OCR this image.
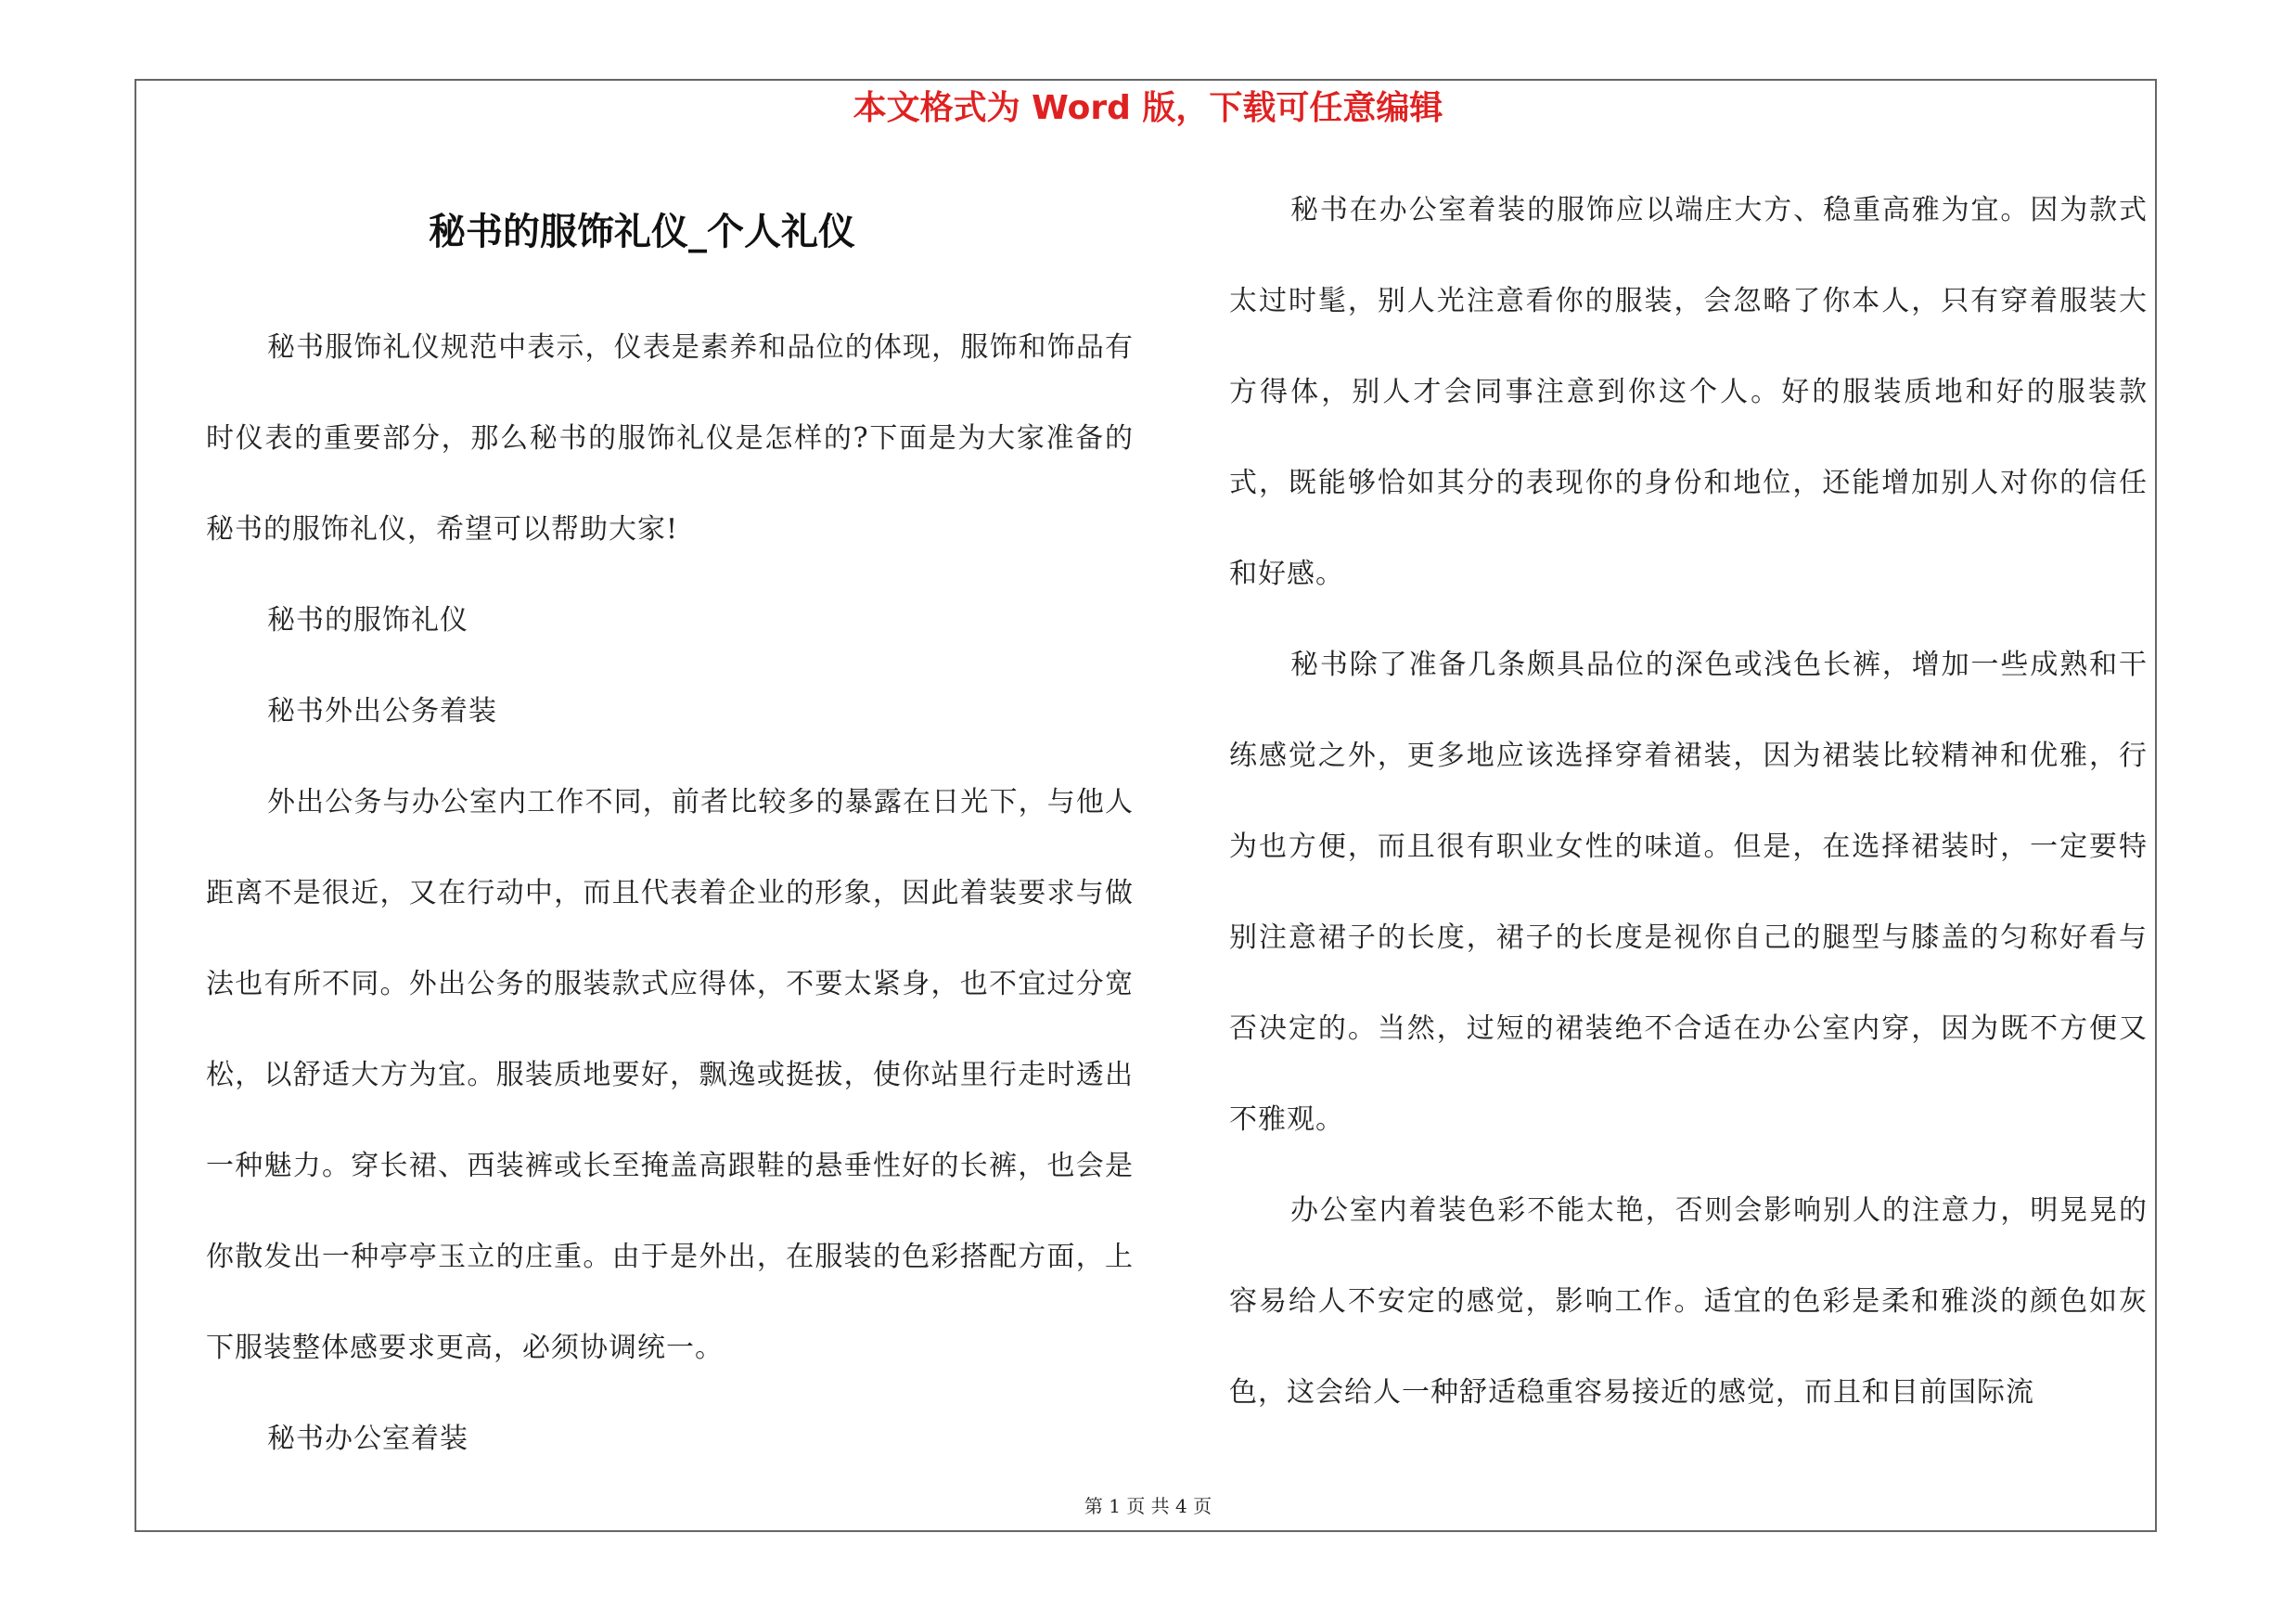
本文格式为 Word 版，下载可任意编辑
秘书的服饰礼仪_个人礼仪

秘书服饰礼仪规范中表示，仪表是素养和品位的体现，服饰和饰品有时仪表的重要部分，那么秘书的服饰礼仪是怎样的?下面是为大家准备的秘书的服饰礼仪，希望可以帮助大家!

秘书的服饰礼仪

秘书外出公务着装

外出公务与办公室内工作不同，前者比较多的暴露在日光下，与他人距离不是很近，又在行动中，而且代表着企业的形象，因此着装要求与做法也有所不同。外出公务的服装款式应得体，不要太紧身，也不宜过分宽松，以舒适大方为宜。服装质地要好，飘逸或挺拔，使你站里行走时透出一种魅力。穿长裙、西装裤或长至掩盖高跟鞋的悬垂性好的长裤，也会是你散发出一种亭亭玉立的庄重。由于是外出，在服装的色彩搭配方面，上下服装整体感要求更高，必须协调统一。

秘书办公室着装

秘书在办公室着装的服饰应以端庄大方、稳重高雅为宜。因为款式太过时髦，别人光注意看你的服装，会忽略了你本人，只有穿着服装大方得体，别人才会同事注意到你这个人。好的服装质地和好的服装款式，既能够恰如其分的表现你的身份和地位，还能增加别人对你的信任和好感。

秘书除了准备几条颇具品位的深色或浅色长裤，增加一些成熟和干练感觉之外，更多地应该选择穿着裙装，因为裙装比较精神和优雅，行为也方便，而且很有职业女性的味道。但是，在选择裙装时，一定要特别注意裙子的长度，裙子的长度是视你自己的腿型与膝盖的匀称好看与否决定的。当然，过短的裙装绝不合适在办公室内穿，因为既不方便又不雅观。

办公室内着装色彩不能太艳，否则会影响别人的注意力，明晃晃的容易给人不安定的感觉，影响工作。适宜的色彩是柔和雅淡的颜色如灰色，这会给人一种舒适稳重容易接近的感觉，而且和目前国际流

第 1 页 共 4 页
